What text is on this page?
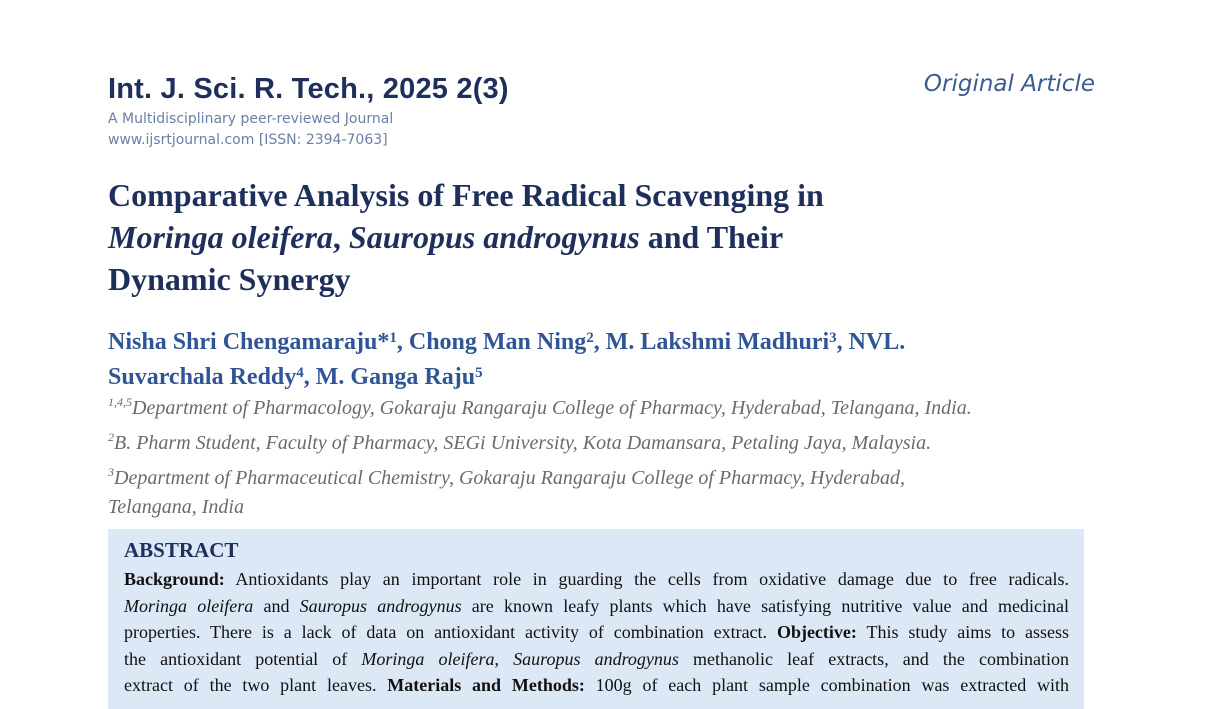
Int. J. Sci. R. Tech., 2025 2(3)
A Multidisciplinary peer-reviewed Journal
www.ijsrtjournal.com [ISSN: 2394-7063]
Original Article
Comparative Analysis of Free Radical Scavenging in
Moringa oleifera, Sauropus androgynus and Their
Dynamic Synergy
Nisha Shri Chengamaraju*$^1$, Chong Man Ning$^2$, M. Lakshmi Madhuri$^3$, NVL.
Suvarchala Reddy$^4$, M. Ganga Raju$^5$
$^{1,4,5}$Department of Pharmacology, Gokaraju Rangaraju College of Pharmacy, Hyderabad, Telangana, India.
$^2$B. Pharm Student, Faculty of Pharmacy, SEGi University, Kota Damansara, Petaling Jaya, Malaysia.
$^3$Department of Pharmaceutical Chemistry, Gokaraju Rangaraju College of Pharmacy, Hyderabad,
Telangana, India
ABSTRACT
Background: Antioxidants play an important role in guarding the cells from oxidative damage due to free radicals.
Moringa oleifera and Sauropus androgynus are known leafy plants which have satisfying nutritive value and medicinal
properties. There is a lack of data on antioxidant activity of combination extract. Objective: This study aims to assess
the antioxidant potential of Moringa oleifera, Sauropus androgynus methanolic leaf extracts, and the combination
extract of the two plant leaves. Materials and Methods: 100g of each plant sample combination was extracted with
